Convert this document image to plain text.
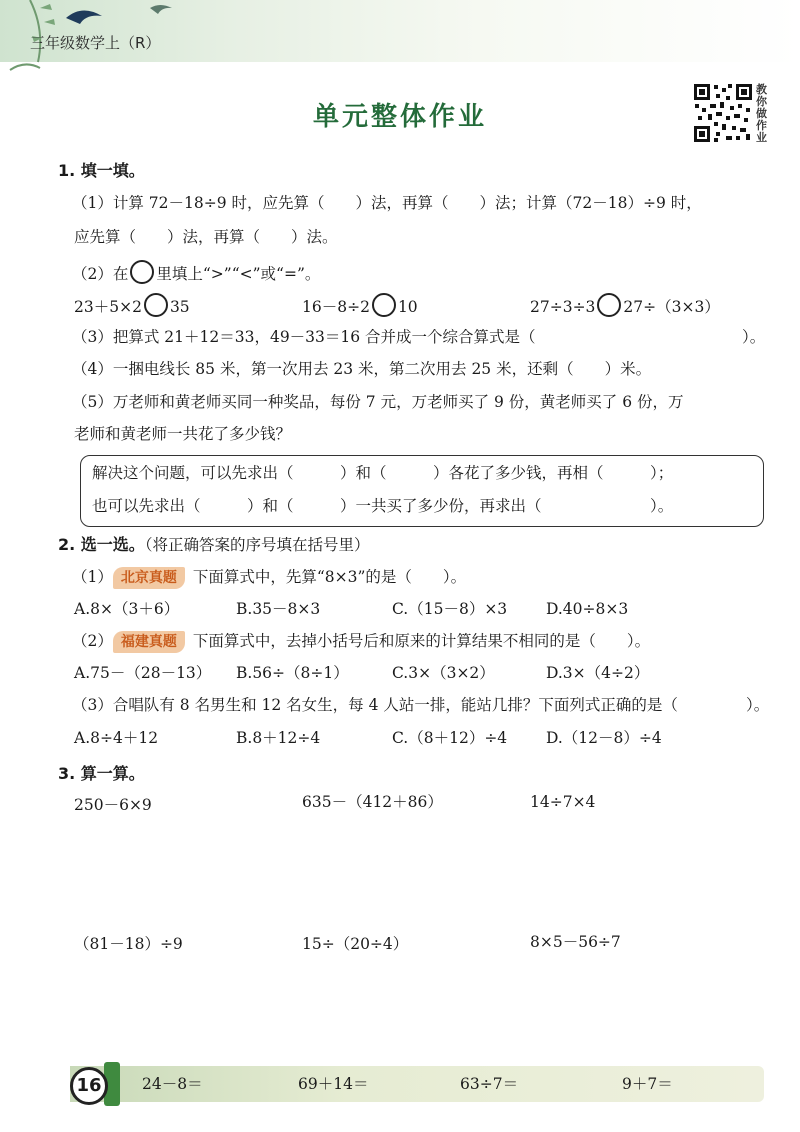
三年级数学上（R）
单元整体作业
教你做作业
1. 填一填。
（1）计算 72－18÷9 时，应先算（　　）法，再算（　　）法；计算（72－18）÷9 时，
应先算（　　）法，再算（　　）法。
（2）在 里填上“>”“<”或“=”。
23＋5×2 35	16－8÷2 10	27÷3÷3 27÷（3×3）
（3）把算式 21＋12＝33，49－33＝16 合并成一个综合算式是（	）。
（4）一捆电线长 85 米，第一次用去 23 米，第二次用去 25 米，还剩（　　）米。
（5）万老师和黄老师买同一种奖品，每份 7 元，万老师买了 9 份，黄老师买了 6 份，万
老师和黄老师一共花了多少钱？
解决这个问题，可以先求出（　　　）和（　　　）各花了多少钱，再相（　　　）；
也可以先求出（　　　）和（　　　）一共买了多少份，再求出（　　　　　　　）。
2. 选一选。（将正确答案的序号填在括号里）
（1） 北京真题 下面算式中，先算“8×3”的是（　　）。
A.8×（3＋6）	B.35－8×3	C.（15－8）×3	D.40÷8×3
（2） 福建真题 下面算式中，去掉小括号后和原来的计算结果不相同的是（　　）。
A.75－（28－13） B.56÷（8÷1）	C.3×（3×2）	D.3×（4÷2）
（3）合唱队有 8 名男生和 12 名女生，每 4 人站一排，能站几排？下面列式正确的是（	）。
A.8÷4＋12	B.8＋12÷4	C.（8＋12）÷4	D.（12－8）÷4
3. 算一算。
250－6×9	635－（412＋86）	14÷7×4
（81－18）÷9	15÷（20÷4）	8×5－56÷7
16	24－8＝	69＋14＝	63÷7＝	9＋7＝
